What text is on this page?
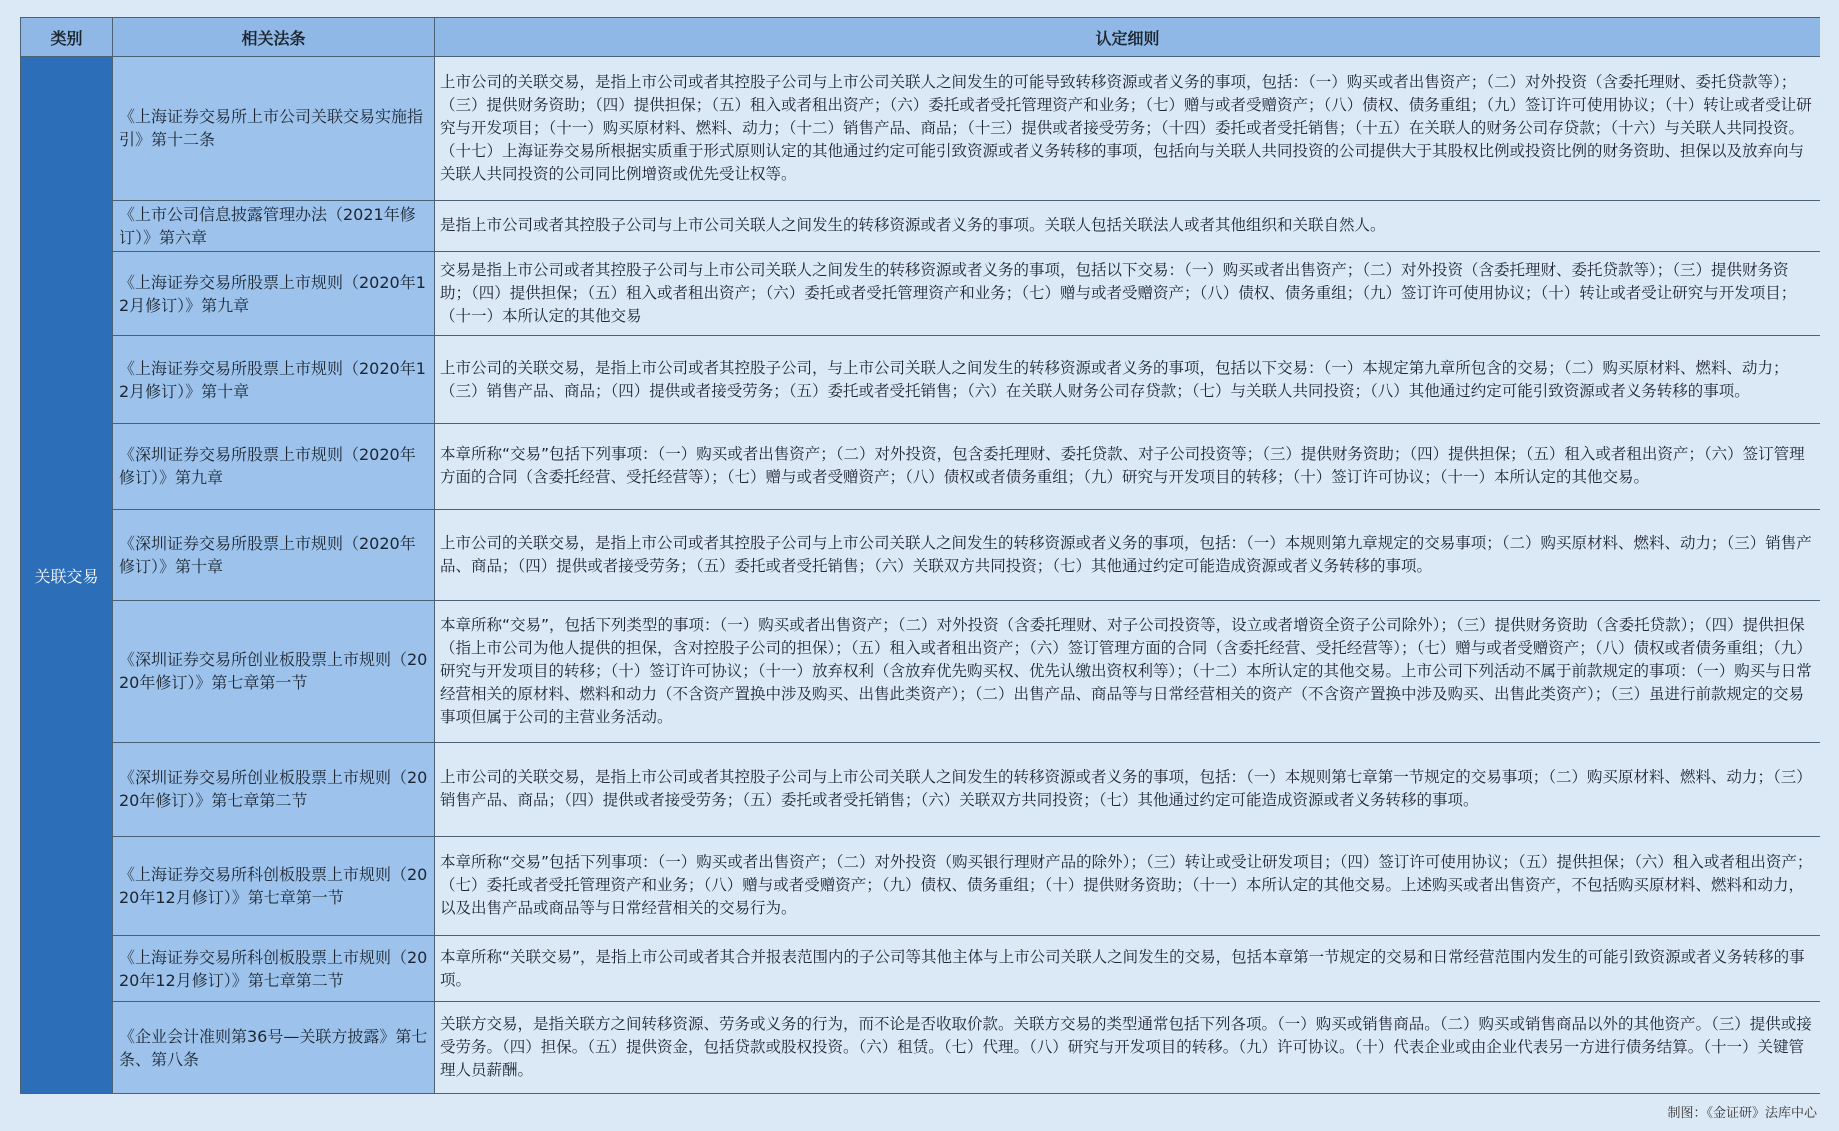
类别	相关法条	认定细则
关联交易	《上海证券交易所上市公司关联交易实施指引》第十二条	上市公司的关联交易，是指上市公司或者其控股子公司与上市公司关联人之间发生的可能导致转移资源或者义务的事项，包括：（一）购买或者出售资产；（二）对外投资（含委托理财、委托贷款等）；（三）提供财务资助；（四）提供担保；（五）租入或者租出资产；（六）委托或者受托管理资产和业务；（七）赠与或者受赠资产；（八）债权、债务重组；（九）签订许可使用协议；（十）转让或者受让研究与开发项目；（十一）购买原材料、燃料、动力；（十二）销售产品、商品；（十三）提供或者接受劳务；（十四）委托或者受托销售；（十五）在关联人的财务公司存贷款；（十六）与关联人共同投资。（十七）上海证券交易所根据实质重于形式原则认定的其他通过约定可能引致资源或者义务转移的事项，包括向与关联人共同投资的公司提供大于其股权比例或投资比例的财务资助、担保以及放弃向与关联人共同投资的公司同比例增资或优先受让权等。
	《上市公司信息披露管理办法（2021年修订）》第六章	是指上市公司或者其控股子公司与上市公司关联人之间发生的转移资源或者义务的事项。关联人包括关联法人或者其他组织和关联自然人。
	《上海证券交易所股票上市规则（2020年12月修订）》第九章	交易是指上市公司或者其控股子公司与上市公司关联人之间发生的转移资源或者义务的事项，包括以下交易：（一）购买或者出售资产；（二）对外投资（含委托理财、委托贷款等）；（三）提供财务资助；（四）提供担保；（五）租入或者租出资产；（六）委托或者受托管理资产和业务；（七）赠与或者受赠资产；（八）债权、债务重组；（九）签订许可使用协议；（十）转让或者受让研究与开发项目；（十一）本所认定的其他交易
	《上海证券交易所股票上市规则（2020年12月修订）》第十章	上市公司的关联交易，是指上市公司或者其控股子公司，与上市公司关联人之间发生的转移资源或者义务的事项，包括以下交易：（一）本规定第九章所包含的交易；（二）购买原材料、燃料、动力；（三）销售产品、商品；（四）提供或者接受劳务；（五）委托或者受托销售；（六）在关联人财务公司存贷款；（七）与关联人共同投资；（八）其他通过约定可能引致资源或者义务转移的事项。
	《深圳证券交易所股票上市规则（2020年修订）》第九章	本章所称“交易”包括下列事项：（一）购买或者出售资产；（二）对外投资，包含委托理财、委托贷款、对子公司投资等；（三）提供财务资助；（四）提供担保；（五）租入或者租出资产；（六）签订管理方面的合同（含委托经营、受托经营等）；（七）赠与或者受赠资产；（八）债权或者债务重组；（九）研究与开发项目的转移；（十）签订许可协议；（十一）本所认定的其他交易。
	《深圳证券交易所股票上市规则（2020年修订）》第十章	上市公司的关联交易，是指上市公司或者其控股子公司与上市公司关联人之间发生的转移资源或者义务的事项，包括：（一）本规则第九章规定的交易事项；（二）购买原材料、燃料、动力；（三）销售产品、商品；（四）提供或者接受劳务；（五）委托或者受托销售；（六）关联双方共同投资；（七）其他通过约定可能造成资源或者义务转移的事项。
	《深圳证券交易所创业板股票上市规则（2020年修订）》第七章第一节	本章所称“交易”，包括下列类型的事项：（一）购买或者出售资产；（二）对外投资（含委托理财、对子公司投资等，设立或者增资全资子公司除外）；（三）提供财务资助（含委托贷款）；（四）提供担保（指上市公司为他人提供的担保，含对控股子公司的担保）；（五）租入或者租出资产；（六）签订管理方面的合同（含委托经营、受托经营等）；（七）赠与或者受赠资产；（八）债权或者债务重组；（九）研究与开发项目的转移；（十）签订许可协议；（十一）放弃权利（含放弃优先购买权、优先认缴出资权利等）；（十二）本所认定的其他交易。上市公司下列活动不属于前款规定的事项：（一）购买与日常经营相关的原材料、燃料和动力（不含资产置换中涉及购买、出售此类资产）；（二）出售产品、商品等与日常经营相关的资产（不含资产置换中涉及购买、出售此类资产）；（三）虽进行前款规定的交易事项但属于公司的主营业务活动。
	《深圳证券交易所创业板股票上市规则（2020年修订）》第七章第二节	上市公司的关联交易，是指上市公司或者其控股子公司与上市公司关联人之间发生的转移资源或者义务的事项，包括：（一）本规则第七章第一节规定的交易事项；（二）购买原材料、燃料、动力；（三）销售产品、商品；（四）提供或者接受劳务；（五）委托或者受托销售；（六）关联双方共同投资；（七）其他通过约定可能造成资源或者义务转移的事项。
	《上海证券交易所科创板股票上市规则（2020年12月修订）》第七章第一节	本章所称“交易”包括下列事项：（一）购买或者出售资产；（二）对外投资（购买银行理财产品的除外）；（三）转让或受让研发项目；（四）签订许可使用协议；（五）提供担保；（六）租入或者租出资产；（七）委托或者受托管理资产和业务；（八）赠与或者受赠资产；（九）债权、债务重组；（十）提供财务资助；（十一）本所认定的其他交易。上述购买或者出售资产，不包括购买原材料、燃料和动力，以及出售产品或商品等与日常经营相关的交易行为。
	《上海证券交易所科创板股票上市规则（2020年12月修订）》第七章第二节	本章所称“关联交易”，是指上市公司或者其合并报表范围内的子公司等其他主体与上市公司关联人之间发生的交易，包括本章第一节规定的交易和日常经营范围内发生的可能引致资源或者义务转移的事项。
	《企业会计准则第36号—关联方披露》第七条、第八条	关联方交易，是指关联方之间转移资源、劳务或义务的行为，而不论是否收取价款。关联方交易的类型通常包括下列各项。（一）购买或销售商品。（二）购买或销售商品以外的其他资产。（三）提供或接受劳务。（四）担保。（五）提供资金，包括贷款或股权投资。（六）租赁。（七）代理。（八）研究与开发项目的转移。（九）许可协议。（十）代表企业或由企业代表另一方进行债务结算。（十一）关键管理人员薪酬。
制图：《金证研》法库中心
